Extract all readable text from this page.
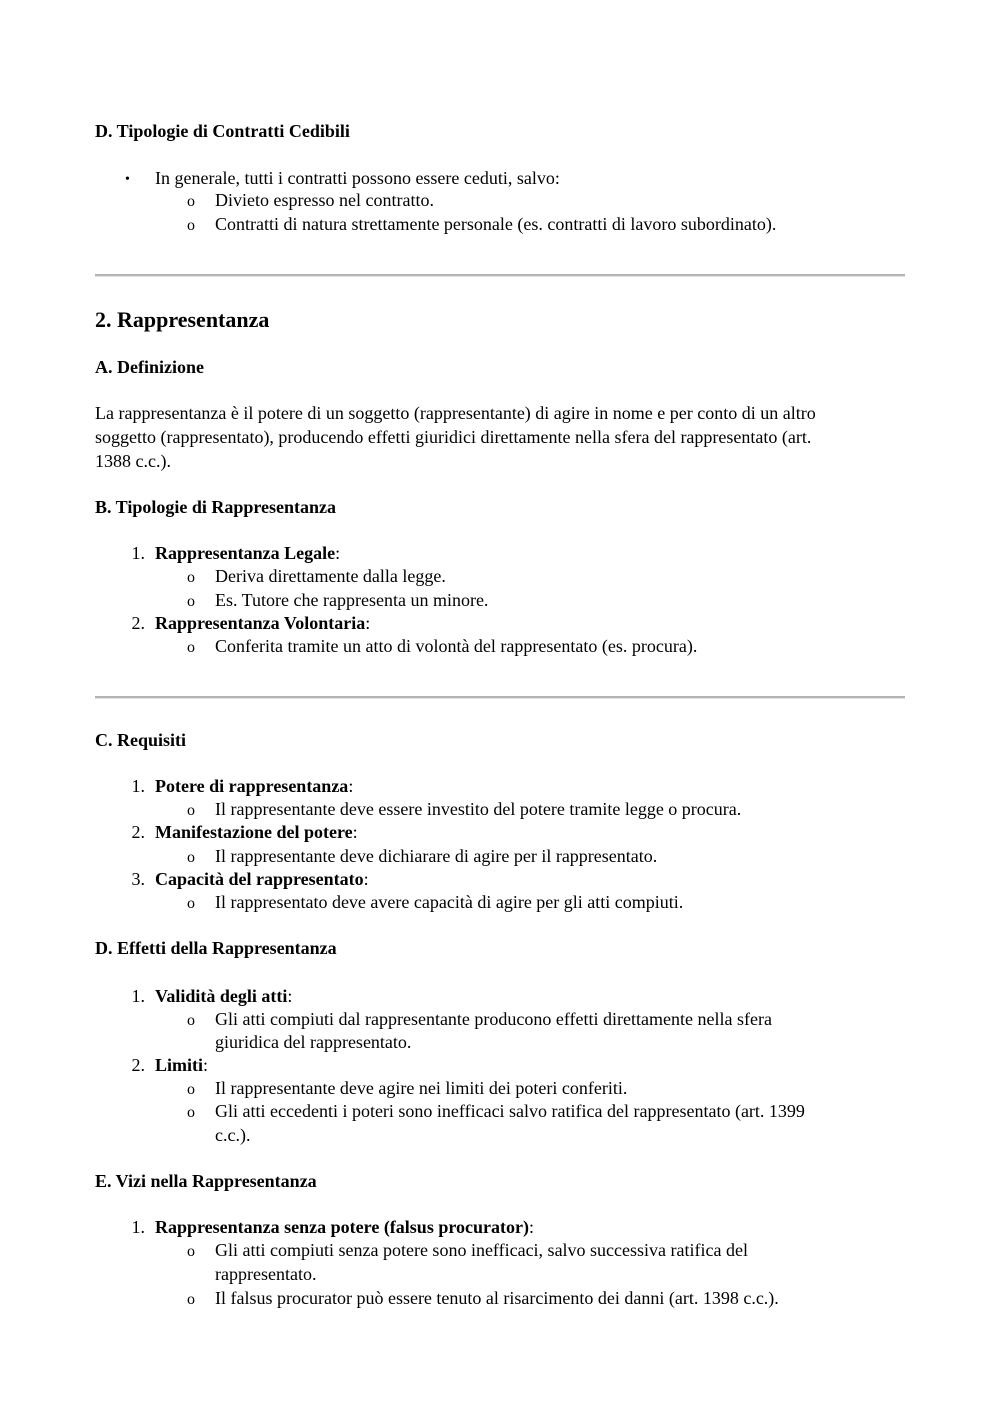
D. Tipologie di Contratti Cedibili
• In generale, tutti i contratti possono essere ceduti, salvo:
o Divieto espresso nel contratto.
o Contratti di natura strettamente personale (es. contratti di lavoro subordinato).
2. Rappresentanza
A. Definizione
La rappresentanza è il potere di un soggetto (rappresentante) di agire in nome e per conto di un altro
soggetto (rappresentato), producendo effetti giuridici direttamente nella sfera del rappresentato (art.
1388 c.c.).
B. Tipologie di Rappresentanza
1. Rappresentanza Legale:
o Deriva direttamente dalla legge.
o Es. Tutore che rappresenta un minore.
2. Rappresentanza Volontaria:
o Conferita tramite un atto di volontà del rappresentato (es. procura).
C. Requisiti
1. Potere di rappresentanza:
o Il rappresentante deve essere investito del potere tramite legge o procura.
2. Manifestazione del potere:
o Il rappresentante deve dichiarare di agire per il rappresentato.
3. Capacità del rappresentato:
o Il rappresentato deve avere capacità di agire per gli atti compiuti.
D. Effetti della Rappresentanza
1. Validità degli atti:
o Gli atti compiuti dal rappresentante producono effetti direttamente nella sfera
giuridica del rappresentato.
2. Limiti:
o Il rappresentante deve agire nei limiti dei poteri conferiti.
o Gli atti eccedenti i poteri sono inefficaci salvo ratifica del rappresentato (art. 1399
c.c.).
E. Vizi nella Rappresentanza
1. Rappresentanza senza potere (falsus procurator):
o Gli atti compiuti senza potere sono inefficaci, salvo successiva ratifica del
rappresentato.
o Il falsus procurator può essere tenuto al risarcimento dei danni (art. 1398 c.c.).
